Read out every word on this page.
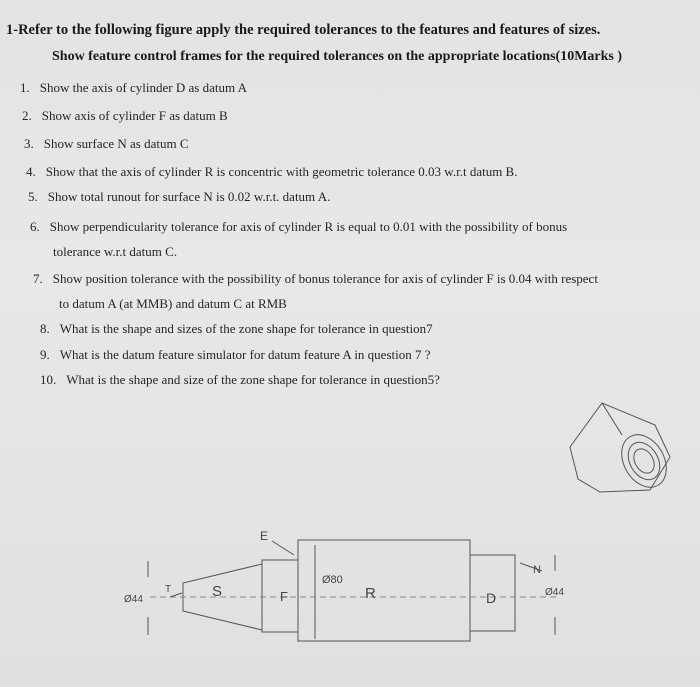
1-Refer to the following figure apply the required tolerances to the features and features of sizes.
Show feature control frames for the required tolerances on the appropriate locations(10Marks )
1. Show the axis of cylinder D as datum A
2. Show axis of cylinder F as datum B
3. Show surface N as datum C
4. Show that the axis of cylinder R is concentric with geometric tolerance 0.03 w.r.t datum B.
5. Show total runout for surface N is 0.02 w.r.t. datum A.
6. Show perpendicularity tolerance for axis of cylinder R is equal to 0.01 with the possibility of bonus
tolerance w.r.t datum C.
7. Show position tolerance with the possibility of bonus tolerance for axis of cylinder F is 0.04 with respect
to datum A (at MMB) and datum C at RMB
8. What is the shape and sizes of the zone shape for tolerance in question7
9. What is the datum feature simulator for datum feature A in question 7 ?
10. What is the shape and size of the zone shape for tolerance in question5?
E
T	S	F
Ø80
R	D
N
Ø44
Ø44
